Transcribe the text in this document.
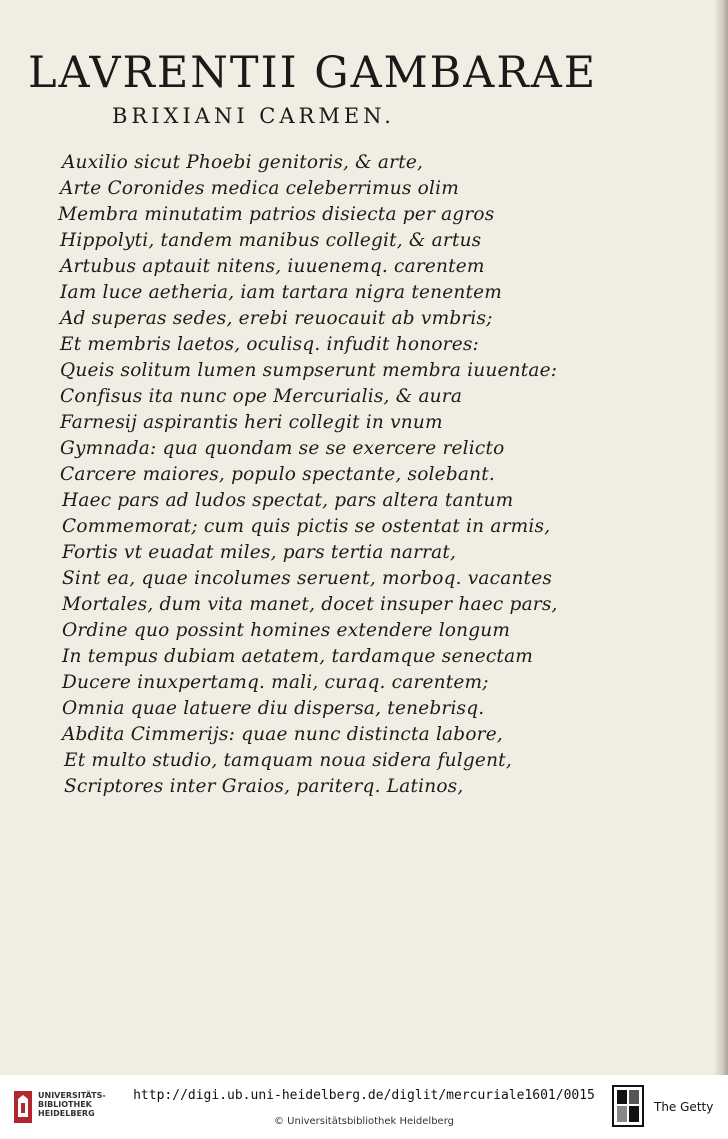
LAVRENTII GAMBARAE
BRIXIANI CARMEN.
Auxilio sicut Phoebi genitoris, & arte,
Arte Coronides medica celeberrimus olim
Membra minutatim patrios disiecta per agros
Hippolyti, tandem manibus collegit, & artus
Artubus aptauit nitens, iuuenemq. carentem
Iam luce aetheria, iam tartara nigra tenentem
Ad superas sedes, erebi reuocauit ab vmbris;
Et membris laetos, oculisq. infudit honores:
Queis solitum lumen sumpserunt membra iuuentae:
Confisus ita nunc ope Mercurialis, & aura
Farnesij aspirantis heri collegit in vnum
Gymnada: qua quondam se se exercere relicto
Carcere maiores, populo spectante, solebant.
Haec pars ad ludos spectat, pars altera tantum
Commemorat; cum quis pictis se ostentat in armis,
Fortis vt euadat miles, pars tertia narrat,
Sint ea, quae incolumes seruent, morboq. vacantes
Mortales, dum vita manet, docet insuper haec pars,
Ordine quo possint homines extendere longum
In tempus dubiam aetatem, tardamque senectam
Ducere inuxpertamq. mali, curaq. carentem;
Omnia quae latuere diu dispersa, tenebrisq.
Abdita Cimmerijs: quae nunc distincta labore,
Et multo studio, tamquam noua sidera fulgent,
Scriptores inter Graios, pariterq. Latinos,
UNIVERSITÄTS-
BIBLIOTHEK
HEIDELBERG
http://digi.ub.uni-heidelberg.de/diglit/mercuriale1601/0015
© Universitätsbibliothek Heidelberg
The Getty
